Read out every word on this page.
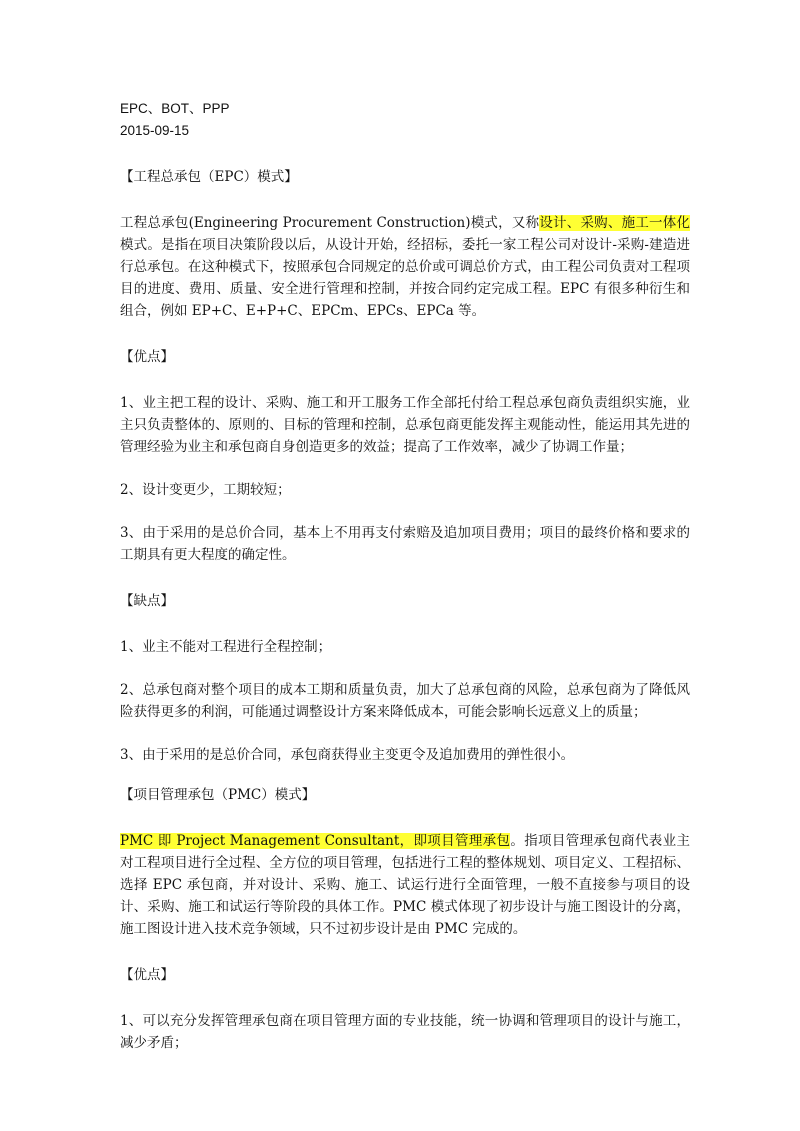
EPC、BOT、PPP

2015-09-15

【工程总承包（EPC）模式】

工程总承包(Engineering Procurement Construction)模式，又称设计、采购、施工一体化模式。是指在项目决策阶段以后，从设计开始，经招标，委托一家工程公司对设计-采购-建造进行总承包。在这种模式下，按照承包合同规定的总价或可调总价方式，由工程公司负责对工程项目的进度、费用、质量、安全进行管理和控制，并按合同约定完成工程。EPC 有很多种衍生和组合，例如 EP+C、E+P+C、EPCm、EPCs、EPCa 等。

【优点】

1、业主把工程的设计、采购、施工和开工服务工作全部托付给工程总承包商负责组织实施，业主只负责整体的、原则的、目标的管理和控制，总承包商更能发挥主观能动性，能运用其先进的管理经验为业主和承包商自身创造更多的效益；提高了工作效率，减少了协调工作量；

2、设计变更少，工期较短；

3、由于采用的是总价合同，基本上不用再支付索赔及追加项目费用；项目的最终价格和要求的工期具有更大程度的确定性。

【缺点】

1、业主不能对工程进行全程控制；

2、总承包商对整个项目的成本工期和质量负责，加大了总承包商的风险，总承包商为了降低风险获得更多的利润，可能通过调整设计方案来降低成本，可能会影响长远意义上的质量；

3、由于采用的是总价合同，承包商获得业主变更令及追加费用的弹性很小。

【项目管理承包（PMC）模式】

PMC 即 Project Management Consultant，即项目管理承包。指项目管理承包商代表业主对工程项目进行全过程、全方位的项目管理，包括进行工程的整体规划、项目定义、工程招标、选择 EPC 承包商，并对设计、采购、施工、试运行进行全面管理，一般不直接参与项目的设计、采购、施工和试运行等阶段的具体工作。PMC 模式体现了初步设计与施工图设计的分离，施工图设计进入技术竞争领域，只不过初步设计是由 PMC 完成的。

【优点】

1、可以充分发挥管理承包商在项目管理方面的专业技能，统一协调和管理项目的设计与施工，减少矛盾；
